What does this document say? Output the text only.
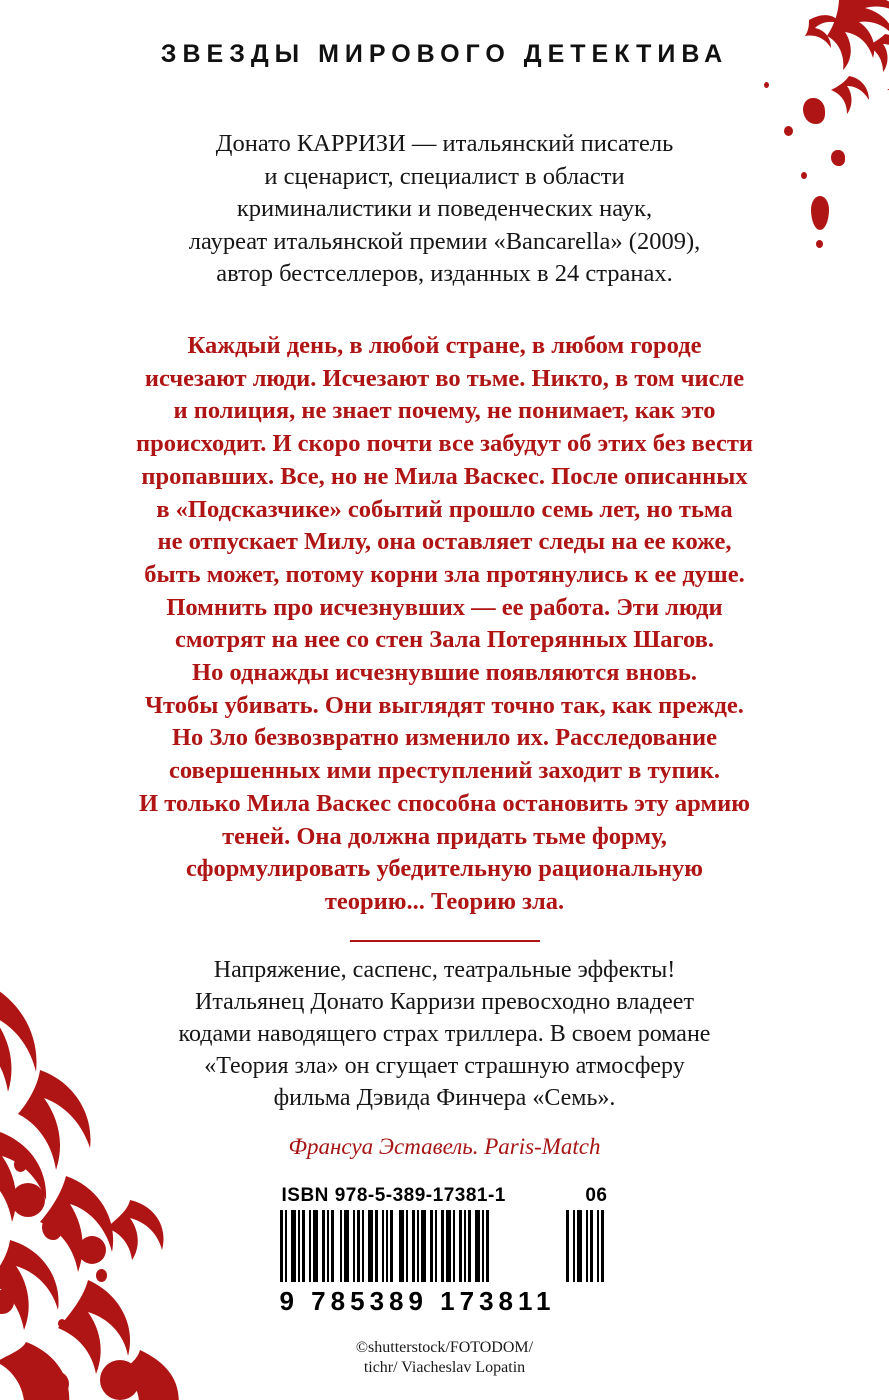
ЗВЕЗДЫ МИРОВОГО ДЕТЕКТИВА
Донато КАРРИЗИ — итальянский писатель
и сценарист, специалист в области
криминалистики и поведенческих наук,
лауреат итальянской премии «Bancarella» (2009),
автор бестселлеров, изданных в 24 странах.

Каждый день, в любой стране, в любом городе

исчезают люди. Исчезают во тьме. Никто, в том числе

и полиция, не знает почему, не понимает, как это

происходит. И скоро почти все забудут об этих без вести

пропавших. Все, но не Мила Васкес. После описанных

в «Подсказчике» событий прошло семь лет, но тьма

не отпускает Милу, она оставляет следы на ее коже,

быть может, потому корни зла протянулись к ее душе.

Помнить про исчезнувших — ее работа. Эти люди

смотрят на нее со стен Зала Потерянных Шагов.

Но однажды исчезнувшие появляются вновь.

Чтобы убивать. Они выглядят точно так, как прежде.

Но Зло безвозвратно изменило их. Расследование

совершенных ими преступлений заходит в тупик.

И только Мила Васкес способна остановить эту армию

теней. Она должна придать тьме форму,

сформулировать убедительную рациональную

теорию... Теорию зла.

Напряжение, саспенс, театральные эффекты!
Итальянец Донато Карризи превосходно владеет
кодами наводящего страх триллера. В своем романе
«Теория зла» он сгущает страшную атмосферу
фильма Дэвида Финчера «Семь».
Франсуа Эставель. Paris-Match
ISBN 978-5-389-17381-1	06
9 785389 173811
©shutterstock/FOTODOM/
tichr/ Viacheslav Lopatin
